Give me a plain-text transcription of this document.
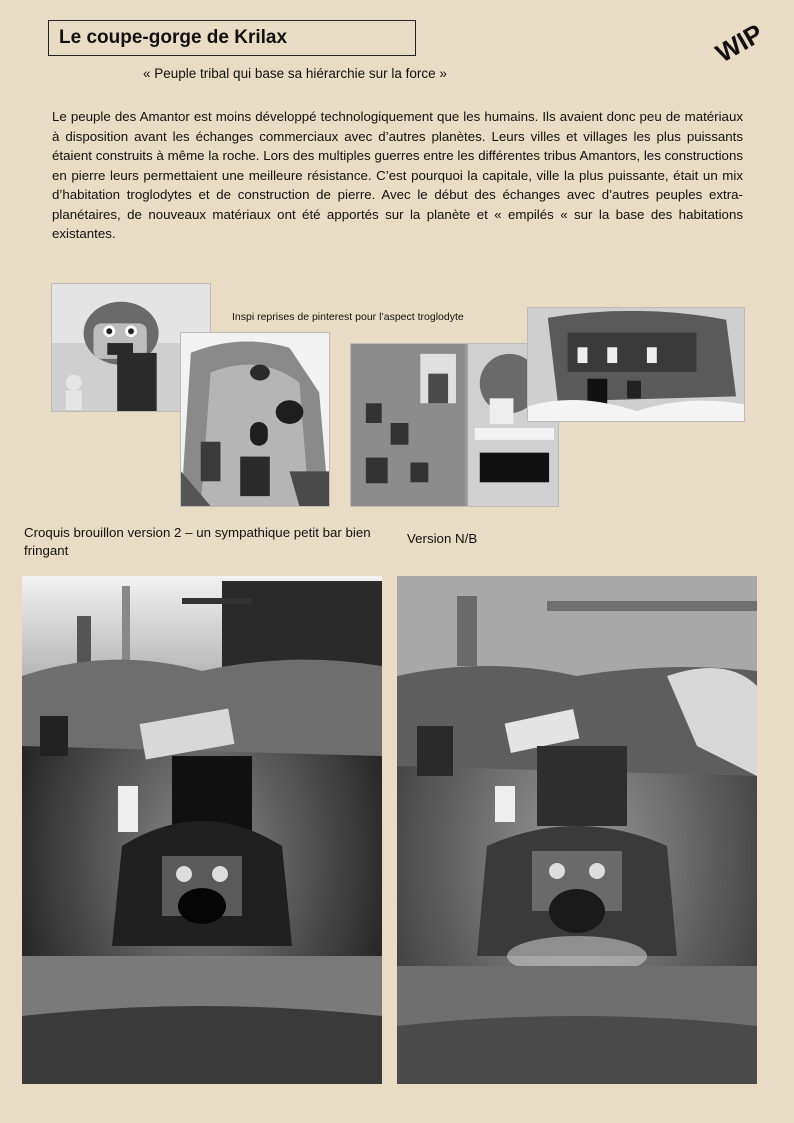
Le coupe-gorge de Krilax
« Peuple tribal qui base sa hiérarchie sur la force »
WIP
Le peuple des Amantor est moins développé technologiquement que les humains. Ils avaient donc peu de matériaux à disposition avant les échanges commerciaux avec d’autres planètes. Leurs villes et villages les plus puissants étaient construits à même la roche. Lors des multiples guerres entre les différentes tribus Amantors, les constructions en pierre leurs permettaient une meilleure résistance. C’est pourquoi la capitale, ville la plus puissante, était un mix d’habitation troglodytes et de construction de pierre. Avec le début des échanges avec d’autres peuples extra-planétaires, de nouveaux matériaux ont été apportés sur la planète et « empilés « sur la base des habitations existantes.
Inspi reprises de pinterest pour l’aspect troglodyte
Croquis brouillon version 2 – un sympathique petit bar bien fringant
Version N/B
